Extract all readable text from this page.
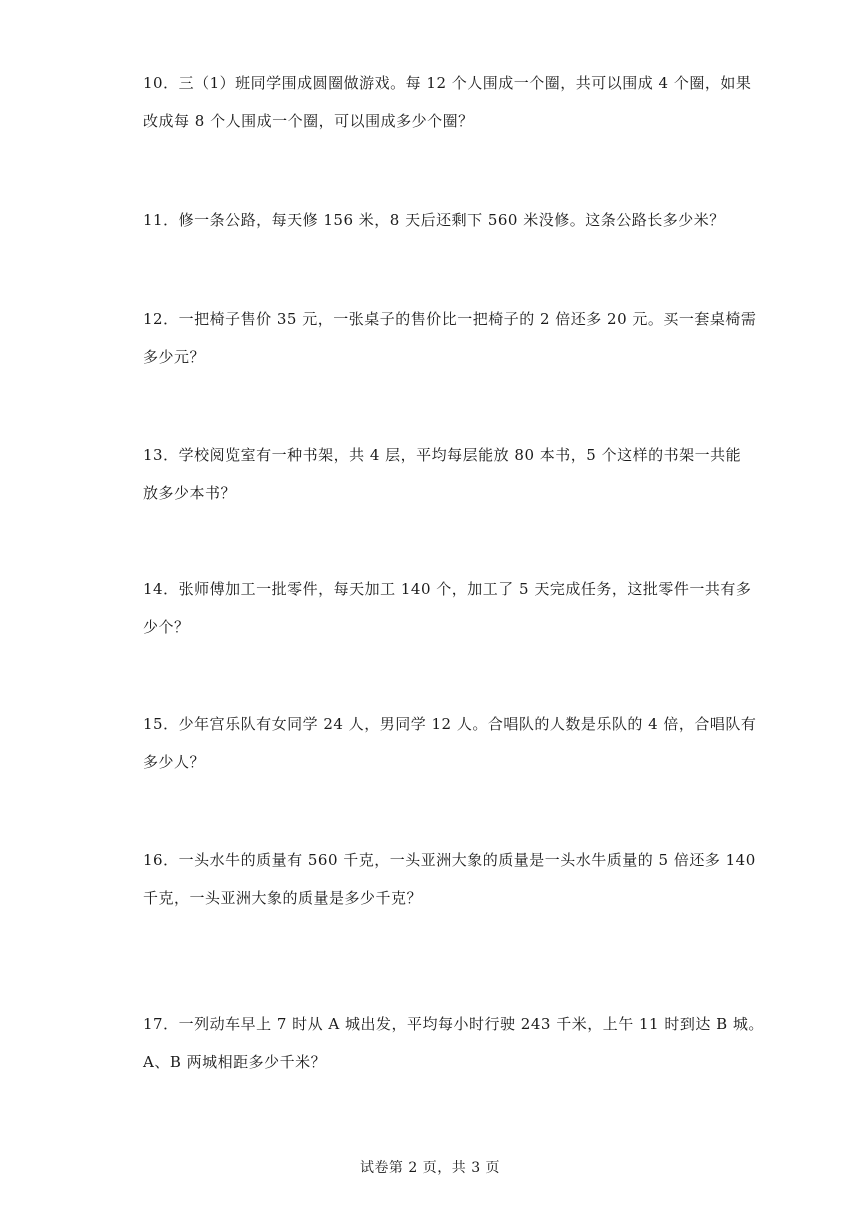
10．三（1）班同学围成圆圈做游戏。每 12 个人围成一个圈，共可以围成 4 个圈，如果
改成每 8 个人围成一个圈，可以围成多少个圈？
11．修一条公路，每天修 156 米，8 天后还剩下 560 米没修。这条公路长多少米？
12．一把椅子售价 35 元，一张桌子的售价比一把椅子的 2 倍还多 20 元。买一套桌椅需
多少元？
13．学校阅览室有一种书架，共 4 层，平均每层能放 80 本书，5 个这样的书架一共能
放多少本书？
14．张师傅加工一批零件，每天加工 140 个，加工了 5 天完成任务，这批零件一共有多
少个？
15．少年宫乐队有女同学 24 人，男同学 12 人。合唱队的人数是乐队的 4 倍，合唱队有
多少人？
16．一头水牛的质量有 560 千克，一头亚洲大象的质量是一头水牛质量的 5 倍还多 140
千克，一头亚洲大象的质量是多少千克？
17．一列动车早上 7 时从 A 城出发，平均每小时行驶 243 千米，上午 11 时到达 B 城。
A、B 两城相距多少千米？
试卷第 2 页，共 3 页
